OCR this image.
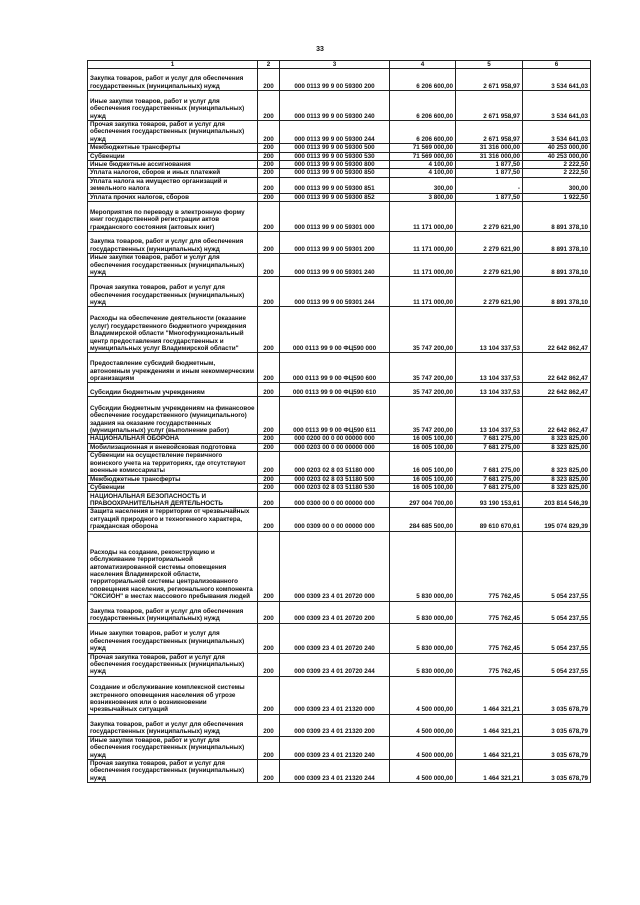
33
1	2	3	4	5	6
Закупка товаров, работ и услуг для обеспечения государственных (муниципальных) нужд	200	000 0113 99 9 00 59300 200	6 206 600,00	2 671 958,97	3 534 641,03
Иные закупки товаров, работ и услуг для обеспечения государственных (муниципальных) нужд	200	000 0113 99 9 00 59300 240	6 206 600,00	2 671 958,97	3 534 641,03
Прочая закупка товаров, работ и услуг для обеспечения государственных (муниципальных) нужд	200	000 0113 99 9 00 59300 244	6 206 600,00	2 671 958,97	3 534 641,03
Межбюджетные трансферты	200	000 0113 99 9 00 59300 500	71 569 000,00	31 316 000,00	40 253 000,00
Субвенции	200	000 0113 99 9 00 59300 530	71 569 000,00	31 316 000,00	40 253 000,00
Иные бюджетные ассигнования	200	000 0113 99 9 00 59300 800	4 100,00	1 877,50	2 222,50
Уплата налогов, сборов и иных платежей	200	000 0113 99 9 00 59300 850	4 100,00	1 877,50	2 222,50
Уплата налога на имущество организаций и земельного налога	200	000 0113 99 9 00 59300 851	300,00	-	300,00
Уплата прочих налогов, сборов	200	000 0113 99 9 00 59300 852	3 800,00	1 877,50	1 922,50
Мероприятия по переводу в электронную форму книг государственной регистрации актов гражданского состояния (актовых книг)	200	000 0113 99 9 00 59301 000	11 171 000,00	2 279 621,90	8 891 378,10
Закупка товаров, работ и услуг для обеспечения государственных (муниципальных) нужд	200	000 0113 99 9 00 59301 200	11 171 000,00	2 279 621,90	8 891 378,10
Иные закупки товаров, работ и услуг для обеспечения государственных (муниципальных) нужд	200	000 0113 99 9 00 59301 240	11 171 000,00	2 279 621,90	8 891 378,10
Прочая закупка товаров, работ и услуг для обеспечения государственных (муниципальных) нужд	200	000 0113 99 9 00 59301 244	11 171 000,00	2 279 621,90	8 891 378,10
Расходы на обеспечение деятельности (оказание услуг) государственного бюджетного учреждения Владимирской области "Многофункциональный центр предоставления государственных и муниципальных услуг Владимирской области"	200	000 0113 99 9 00 ФЦ590 000	35 747 200,00	13 104 337,53	22 642 862,47
Предоставление субсидий бюджетным, автономным учреждениям и иным некоммерческим организациям	200	000 0113 99 9 00 ФЦ590 600	35 747 200,00	13 104 337,53	22 642 862,47
Субсидии бюджетным учреждениям	200	000 0113 99 9 00 ФЦ590 610	35 747 200,00	13 104 337,53	22 642 862,47
Субсидии бюджетным учреждениям на финансовое обеспечение государственного (муниципального) задания на оказание государственных (муниципальных) услуг (выполнение работ)	200	000 0113 99 9 00 ФЦ590 611	35 747 200,00	13 104 337,53	22 642 862,47
НАЦИОНАЛЬНАЯ ОБОРОНА	200	000 0200 00 0 00 00000 000	16 005 100,00	7 681 275,00	8 323 825,00
Мобилизационная и вневойсковая подготовка	200	000 0203 00 0 00 00000 000	16 005 100,00	7 681 275,00	8 323 825,00
Субвенции на осуществление первичного воинского учета на территориях, где отсутствуют военные комиссариаты	200	000 0203 02 8 03 51180 000	16 005 100,00	7 681 275,00	8 323 825,00
Межбюджетные трансферты	200	000 0203 02 8 03 51180 500	16 005 100,00	7 681 275,00	8 323 825,00
Субвенции	200	000 0203 02 8 03 51180 530	16 005 100,00	7 681 275,00	8 323 825,00
НАЦИОНАЛЬНАЯ БЕЗОПАСНОСТЬ И ПРАВООХРАНИТЕЛЬНАЯ ДЕЯТЕЛЬНОСТЬ	200	000 0300 00 0 00 00000 000	297 004 700,00	93 190 153,61	203 814 546,39
Защита населения и территории от чрезвычайных ситуаций природного и техногенного характера, гражданская оборона	200	000 0309 00 0 00 00000 000	284 685 500,00	89 610 670,61	195 074 829,39
Расходы на создание, реконструкцию и обслуживание территориальной автоматизированной системы оповещения населения Владимирской области, территориальной системы централизованного оповещения населения, регионального компонента "ОКСИОН" в местах массового пребывания людей	200	000 0309 23 4 01 20720 000	5 830 000,00	775 762,45	5 054 237,55
Закупка товаров, работ и услуг для обеспечения государственных (муниципальных) нужд	200	000 0309 23 4 01 20720 200	5 830 000,00	775 762,45	5 054 237,55
Иные закупки товаров, работ и услуг для обеспечения государственных (муниципальных) нужд	200	000 0309 23 4 01 20720 240	5 830 000,00	775 762,45	5 054 237,55
Прочая закупка товаров, работ и услуг для обеспечения государственных (муниципальных) нужд	200	000 0309 23 4 01 20720 244	5 830 000,00	775 762,45	5 054 237,55
Создание и обслуживание комплексной системы экстренного оповещения населения об угрозе возникновения или о возникновении чрезвычайных ситуаций	200	000 0309 23 4 01 21320 000	4 500 000,00	1 464 321,21	3 035 678,79
Закупка товаров, работ и услуг для обеспечения государственных (муниципальных) нужд	200	000 0309 23 4 01 21320 200	4 500 000,00	1 464 321,21	3 035 678,79
Иные закупки товаров, работ и услуг для обеспечения государственных (муниципальных) нужд	200	000 0309 23 4 01 21320 240	4 500 000,00	1 464 321,21	3 035 678,79
Прочая закупка товаров, работ и услуг для обеспечения государственных (муниципальных) нужд	200	000 0309 23 4 01 21320 244	4 500 000,00	1 464 321,21	3 035 678,79
